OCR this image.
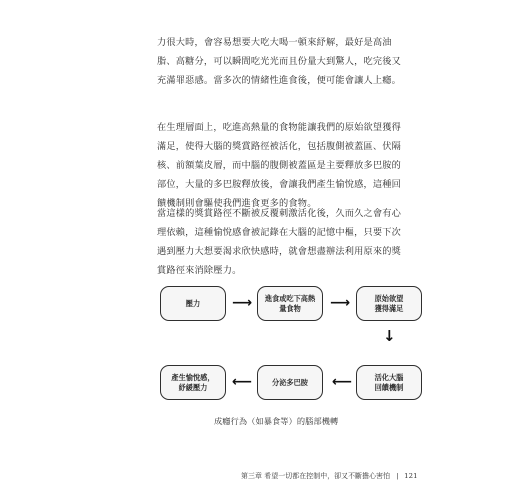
力很大時，會容易想要大吃大喝一頓來紓解，最好是高油脂、高糖分，可以瞬間吃光光而且份量大到驚人，吃完後又充滿罪惡感。當多次的情緒性進食後，便可能會讓人上癮。

在生理層面上，吃進高熱量的食物能讓我們的原始欲望獲得滿足，使得大腦的獎賞路徑被活化，包括腹側被蓋區、伏隔核、前額葉皮層，而中腦的腹側被蓋區是主要釋放多巴胺的部位，大量的多巴胺釋放後，會讓我們產生愉悅感，這種回饋機制則會驅使我們進食更多的食物。

當這樣的獎賞路徑不斷被反覆刺激活化後，久而久之會有心理依賴，這種愉悅感會被記錄在大腦的記憶中樞，只要下次遇到壓力大想要渴求欣快感時，就會想盡辦法利用原來的獎賞路徑來消除壓力。

壓力 ⟶ 進食或吃下高熱
量食物	⟶	原始欲望
獲得滿足
↓
產生愉悅感，
紓緩壓力	⟵	分泌多巴胺 ⟵	活化大腦
回饋機制
成癮行為（如暴食等）的腦部機轉
第三章 希望一切都在控制中，卻又不斷擔心害怕 | 121
